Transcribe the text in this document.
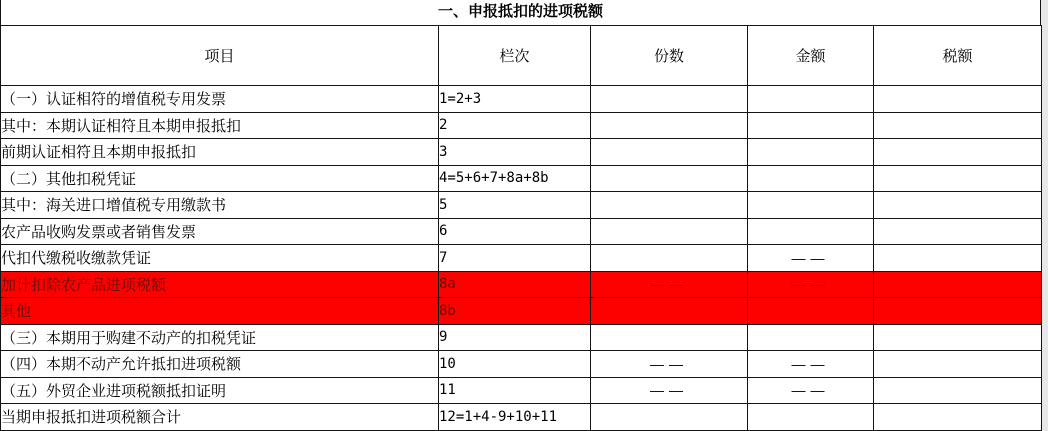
一、申报抵扣的进项税额
项目	栏次	份数	金额	税额
（一）认证相符的增值税专用发票	1=2+3			
其中：本期认证相符且本期申报抵扣	2			
前期认证相符且本期申报抵扣	3			
（二）其他扣税凭证	4=5+6+7+8a+8b			
其中：海关进口增值税专用缴款书	5			
农产品收购发票或者销售发票	6			
代扣代缴税收缴款凭证	7		——	
加计扣除农产品进项税额	8a	——	——	
其他	8b			
（三）本期用于购建不动产的扣税凭证	9			
（四）本期不动产允许抵扣进项税额	10	——	——	
（五）外贸企业进项税额抵扣证明	11	——	——	
当期申报抵扣进项税额合计	12=1+4-9+10+11			
